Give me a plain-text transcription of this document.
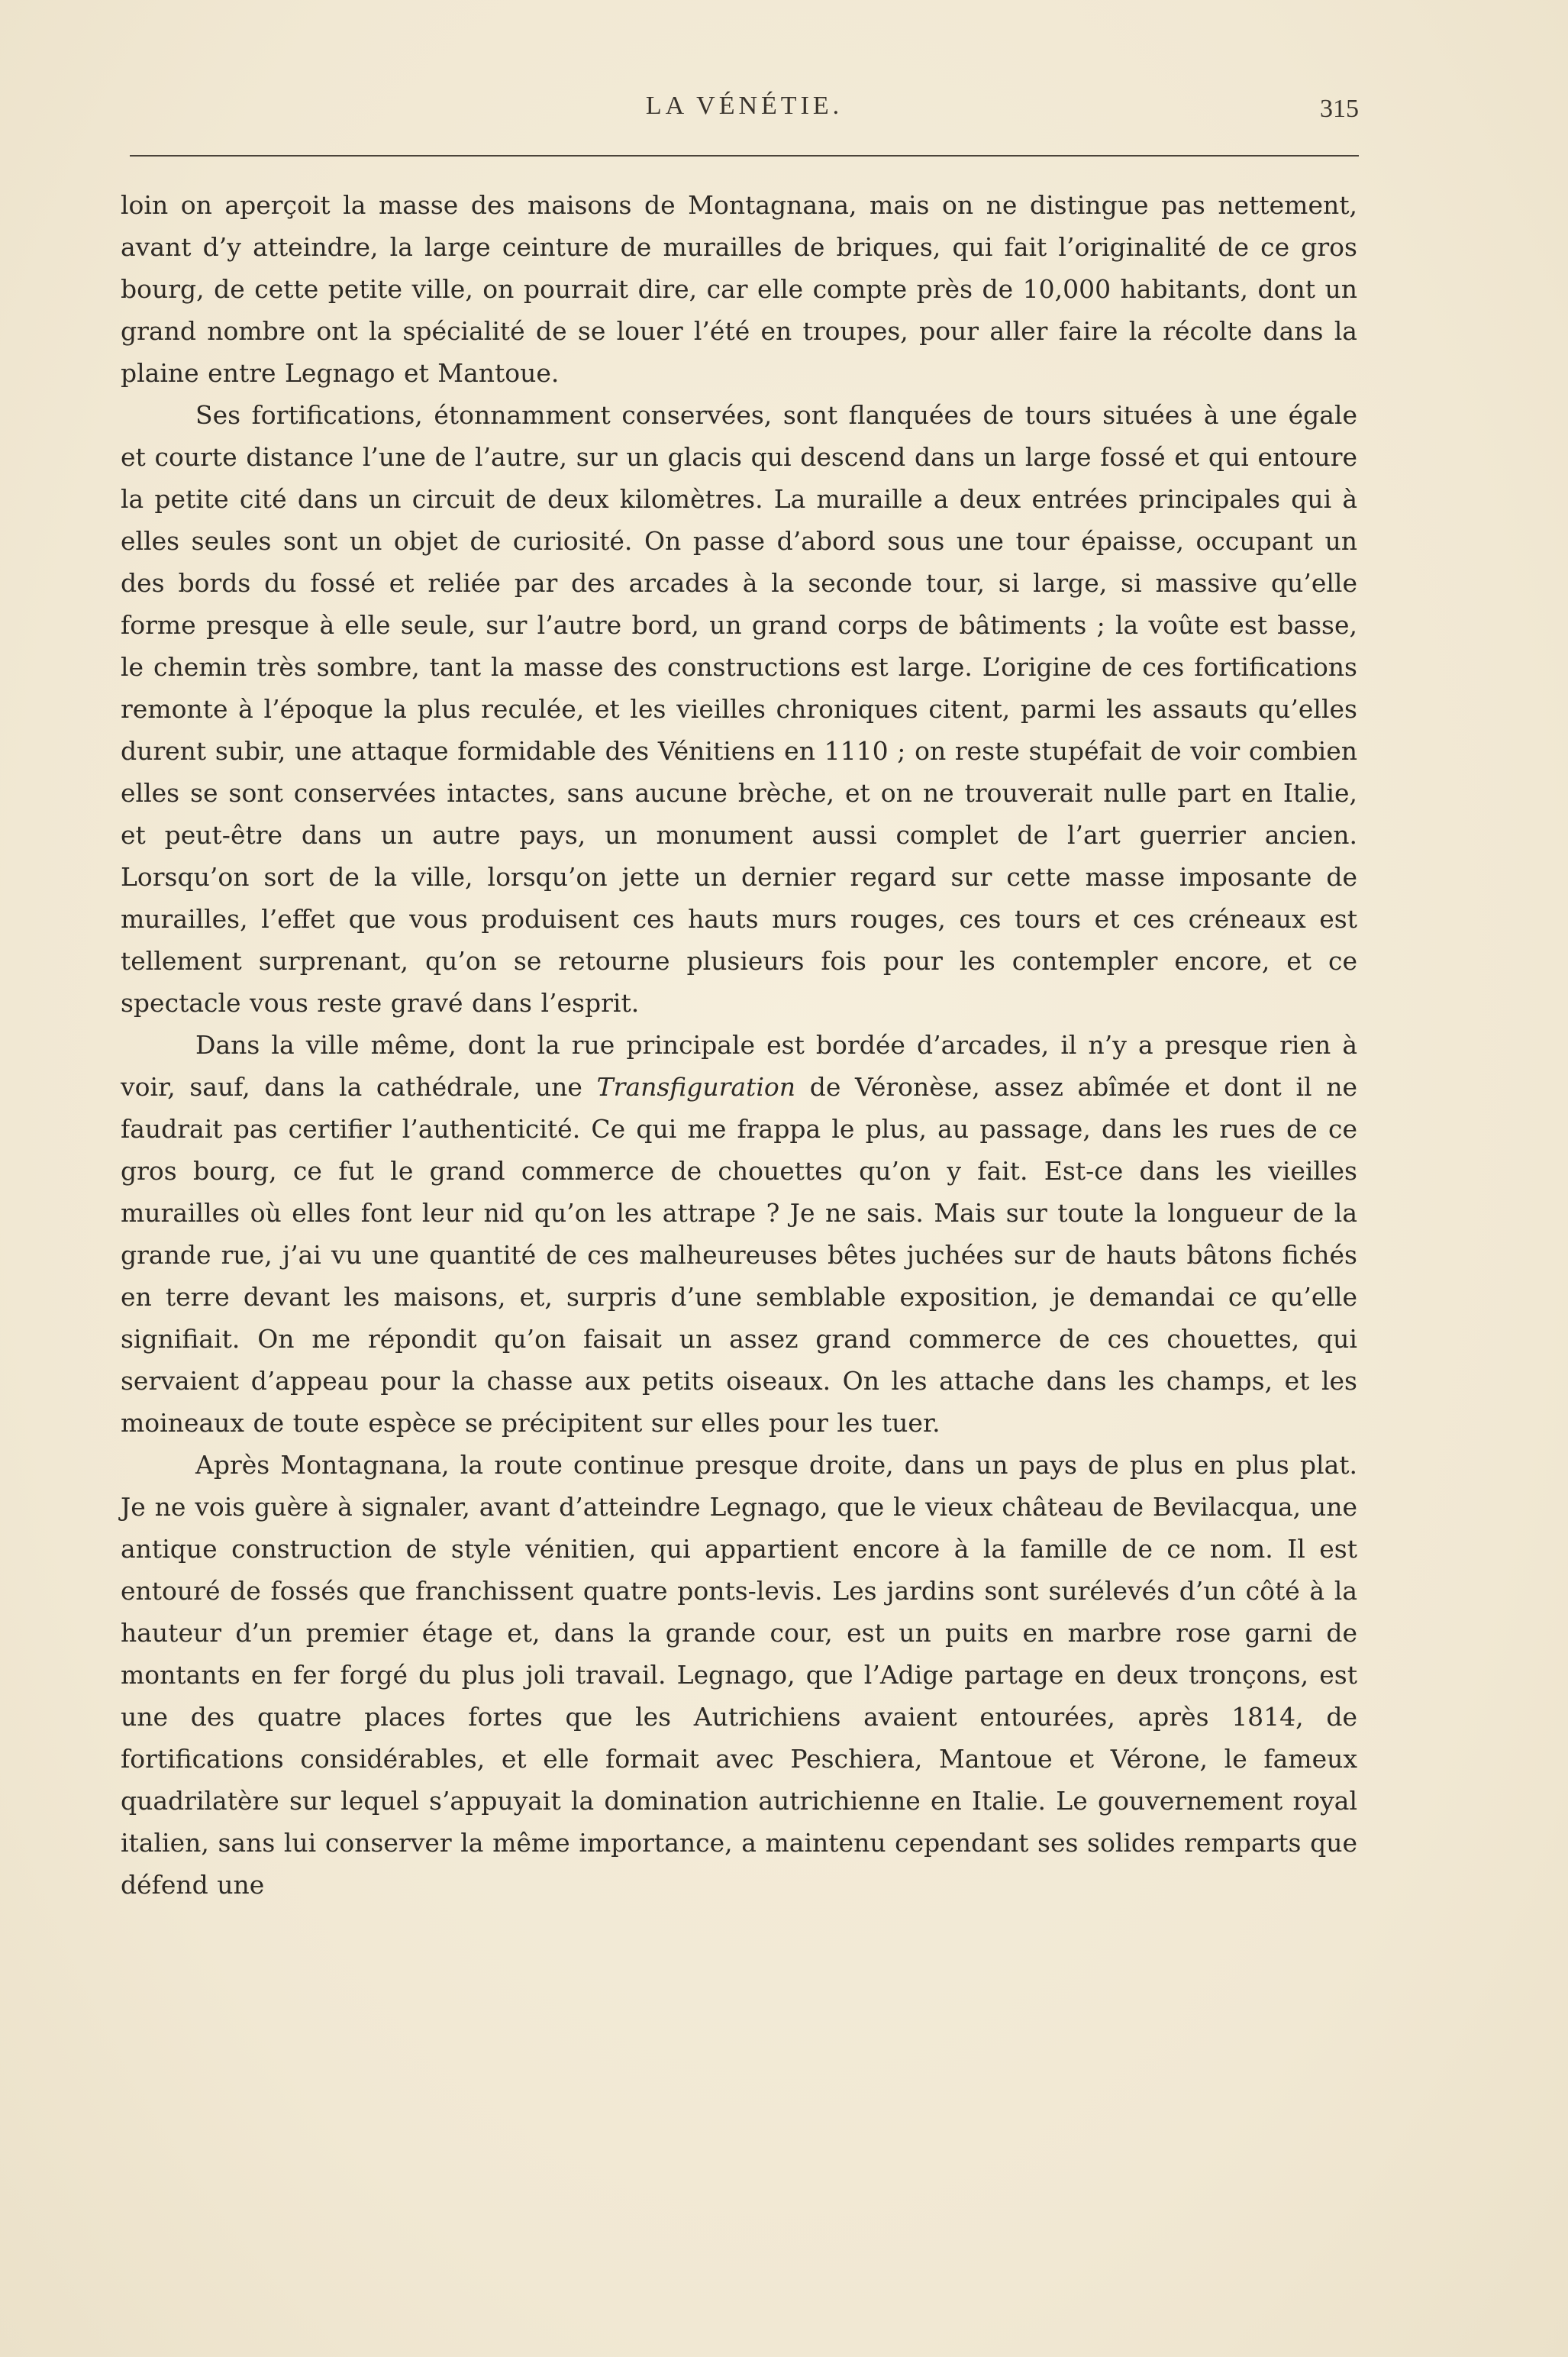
LA VÉNÉTIE.	315

loin on aperçoit la masse des maisons de Montagnana, mais on ne distingue pas nettement, avant d’y atteindre, la large ceinture de murailles de briques, qui fait l’originalité de ce gros bourg, de cette petite ville, on pourrait dire, car elle compte près de 10,000 habitants, dont un grand nombre ont la spécialité de se louer l’été en troupes, pour aller faire la récolte dans la plaine entre Legnago et Mantoue.

Ses fortifications, étonnamment conservées, sont flanquées de tours situées à une égale et courte distance l’une de l’autre, sur un glacis qui descend dans un large fossé et qui entoure la petite cité dans un circuit de deux kilomètres. La muraille a deux entrées principales qui à elles seules sont un objet de curiosité. On passe d’abord sous une tour épaisse, occupant un des bords du fossé et reliée par des arcades à la seconde tour, si large, si massive qu’elle forme presque à elle seule, sur l’autre bord, un grand corps de bâtiments ; la voûte est basse, le chemin très sombre, tant la masse des constructions est large. L’origine de ces fortifications remonte à l’époque la plus reculée, et les vieilles chroniques citent, parmi les assauts qu’elles durent subir, une attaque formidable des Vénitiens en 1110 ; on reste stupéfait de voir combien elles se sont conservées intactes, sans aucune brèche, et on ne trouverait nulle part en Italie, et peut-être dans un autre pays, un monument aussi complet de l’art guerrier ancien. Lorsqu’on sort de la ville, lorsqu’on jette un dernier regard sur cette masse imposante de murailles, l’effet que vous produisent ces hauts murs rouges, ces tours et ces créneaux est tellement surprenant, qu’on se retourne plusieurs fois pour les contempler encore, et ce spectacle vous reste gravé dans l’esprit.

Dans la ville même, dont la rue principale est bordée d’arcades, il n’y a presque rien à voir, sauf, dans la cathédrale, une Transfiguration de Véronèse, assez abîmée et dont il ne faudrait pas certifier l’authenticité. Ce qui me frappa le plus, au passage, dans les rues de ce gros bourg, ce fut le grand commerce de chouettes qu’on y fait. Est-ce dans les vieilles murailles où elles font leur nid qu’on les attrape ? Je ne sais. Mais sur toute la longueur de la grande rue, j’ai vu une quantité de ces malheureuses bêtes juchées sur de hauts bâtons fichés en terre devant les maisons, et, surpris d’une semblable exposition, je demandai ce qu’elle signifiait. On me répondit qu’on faisait un assez grand commerce de ces chouettes, qui servaient d’appeau pour la chasse aux petits oiseaux. On les attache dans les champs, et les moineaux de toute espèce se précipitent sur elles pour les tuer.

Après Montagnana, la route continue presque droite, dans un pays de plus en plus plat. Je ne vois guère à signaler, avant d’atteindre Legnago, que le vieux château de Bevilacqua, une antique construction de style vénitien, qui appartient encore à la famille de ce nom. Il est entouré de fossés que franchissent quatre ponts-levis. Les jardins sont surélevés d’un côté à la hauteur d’un premier étage et, dans la grande cour, est un puits en marbre rose garni de montants en fer forgé du plus joli travail. Legnago, que l’Adige partage en deux tronçons, est une des quatre places fortes que les Autrichiens avaient entourées, après 1814, de fortifications considérables, et elle formait avec Peschiera, Mantoue et Vérone, le fameux quadrilatère sur lequel s’appuyait la domination autrichienne en Italie. Le gouvernement royal italien, sans lui conserver la même importance, a maintenu cependant ses solides remparts que défend une
